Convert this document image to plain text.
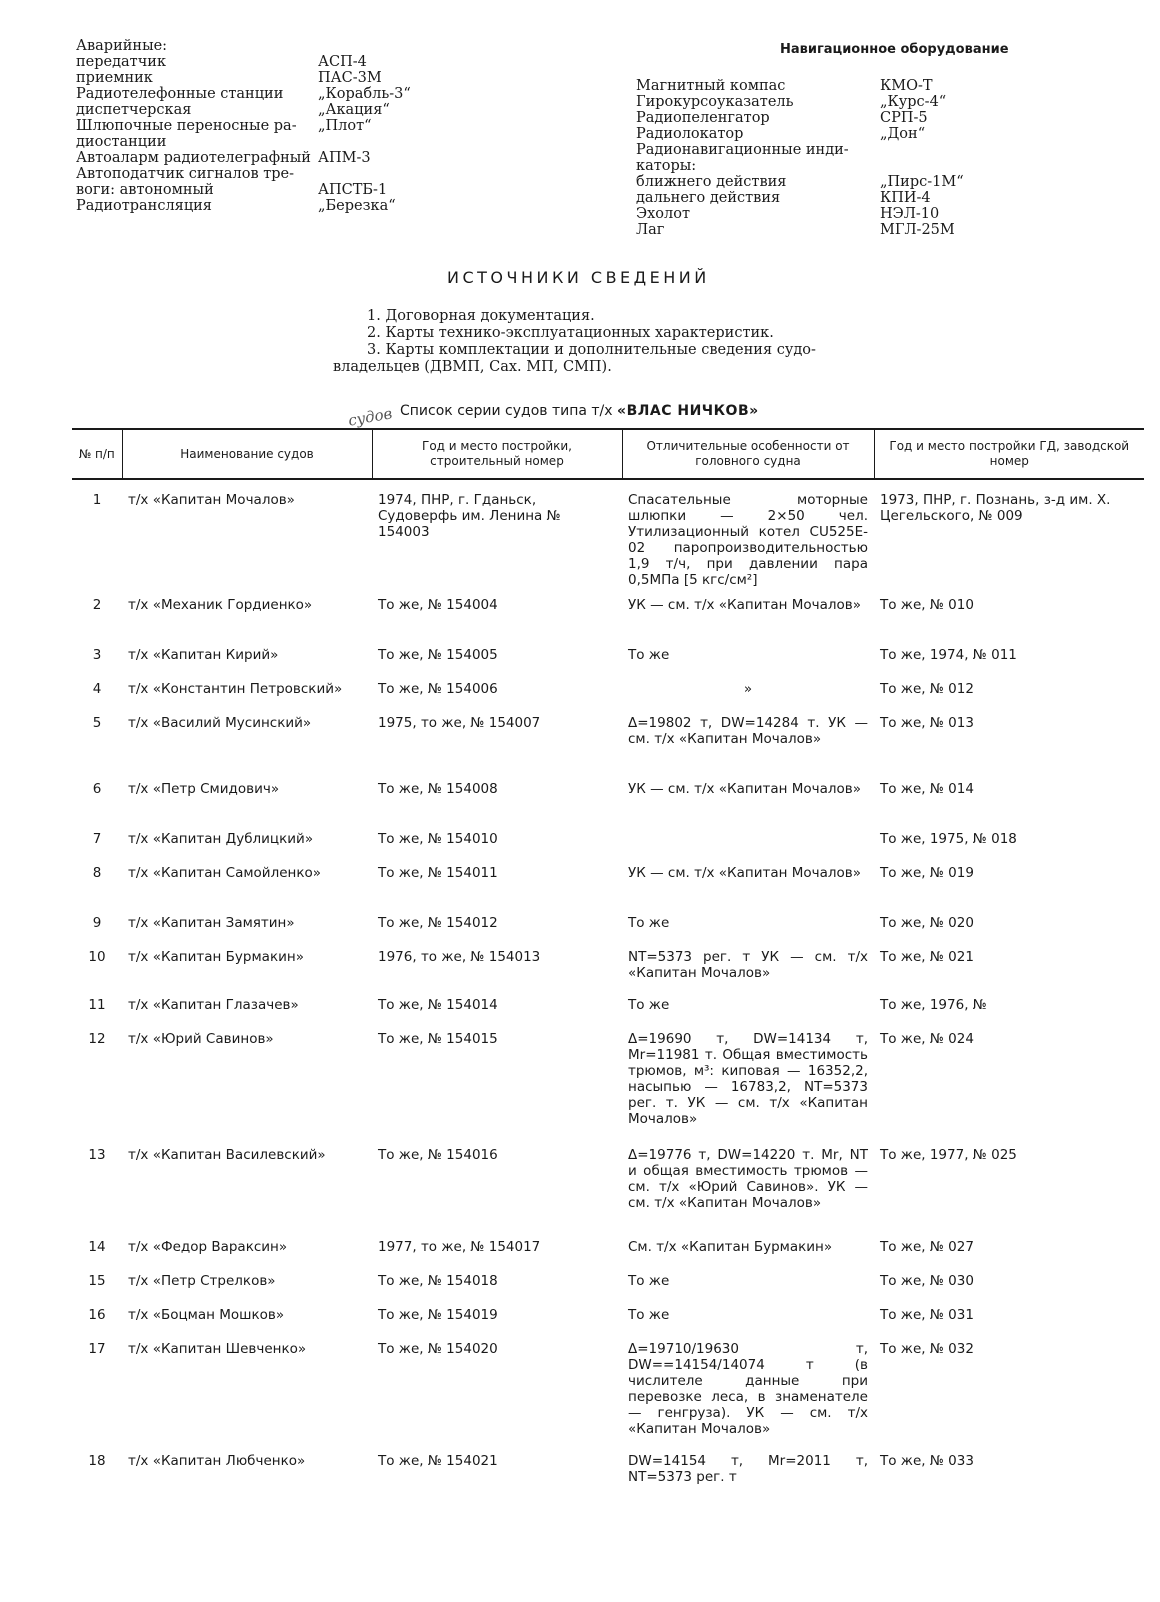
Аварийные:
передатчик	АСП-4
приемник	ПАС-3М
Радиотелефонные станции „Корабль-3“
диспетчерская	„Акация“
Шлюпочные переносные ра- диостанции
„Плот“
Автоаларм радиотелеграфный АПМ-3
Автоподатчик сигналов тре- воги: автономный	АПСТБ-1
Радиотрансляция	„Березка“
Навигационное оборудование
Магнитный компас	КМО-Т
Гирокурсоуказатель	„Курс-4“
Радиопеленгатор	СРП-5
Радиолокатор	„Дон“
Радионавигационные инди- каторы:
ближнего действия	„Пирс-1М“
дальнего действия	КПИ-4
Эхолот	НЭЛ-10
Лаг	МГЛ-25М
ИСТОЧНИКИ СВЕДЕНИЙ
1. Договорная документация.
2. Карты технико-эксплуатационных характеристик.
3. Карты комплектации и дополнительные сведения судо-
владельцев (ДВМП, Сах. МП, СМП).
судов Список серии судов типа т/х «ВЛАС НИЧКОВ»
№ п/п	Наименование судов	Год и место постройки, строительный номер	Отличительные особенности от головного судна	Год и место постройки ГД, заводской номер
1	т/х «Капитан Мочалов»	1974, ПНР, г. Гданьск, Судоверфь им. Ленина № 154003	Спасательные моторные шлюпки — 2×50 чел. Утилизационный котел CU525E-02 паропроизводительностью 1,9 т/ч, при давлении пара 0,5МПа [5 кгс/см²]	1973, ПНР, г. Познань, з-д им. Х. Цегельского, № 009
2	т/х «Механик Гордиенко»	То же, № 154004	УК — см. т/х «Капитан Мочалов»	То же, № 010
3	т/х «Капитан Кирий»	То же, № 154005	То же	То же, 1974, № 011
4	т/х «Константин Петровский»	То же, № 154006	»	То же, № 012
5	т/х «Василий Мусинский»	1975, то же, № 154007	Δ=19802 т, DW=14284 т. УК — см. т/х «Капитан Мочалов»	То же, № 013
6	т/х «Петр Смидович»	То же, № 154008	УК — см. т/х «Капитан Мочалов»	То же, № 014
7	т/х «Капитан Дублицкий»	То же, № 154010		То же, 1975, № 018
8	т/х «Капитан Самойленко»	То же, № 154011	УК — см. т/х «Капитан Мочалов»	То же, № 019
9	т/х «Капитан Замятин»	То же, № 154012	То же	То же, № 020
10	т/х «Капитан Бурмакин»	1976, то же, № 154013	NT=5373 рег. т УК — см. т/х «Капитан Мочалов»	То же, № 021
11	т/х «Капитан Глазачев»	То же, № 154014	То же	То же, 1976, №
12	т/х «Юрий Савинов»	То же, № 154015	Δ=19690 т, DW=14134 т, Мr=11981 т. Общая вместимость трюмов, м³: киповая — 16352,2, насыпью — 16783,2, NT=5373 рег. т. УК — см. т/х «Капитан Мочалов»	То же, № 024
13	т/х «Капитан Василевский»	То же, № 154016	Δ=19776 т, DW=14220 т. Мr, NT и общая вместимость трюмов — см. т/х «Юрий Савинов». УК — см. т/х «Капитан Мочалов»	То же, 1977, № 025
14	т/х «Федор Вараксин»	1977, то же, № 154017	См. т/х «Капитан Бурмакин»	То же, № 027
15	т/х «Петр Стрелков»	То же, № 154018	То же	То же, № 030
16	т/х «Боцман Мошков»	То же, № 154019	То же	То же, № 031
17	т/х «Капитан Шевченко»	То же, № 154020	Δ=19710/19630 т, DW==14154/14074 т (в числителе данные при перевозке леса, в знаменателе — генгруза). УК — см. т/х «Капитан Мочалов»	То же, № 032
18	т/х «Капитан Любченко»	То же, № 154021	DW=14154 т, Мr=2011 т, NT=5373 рег. т	То же, № 033
